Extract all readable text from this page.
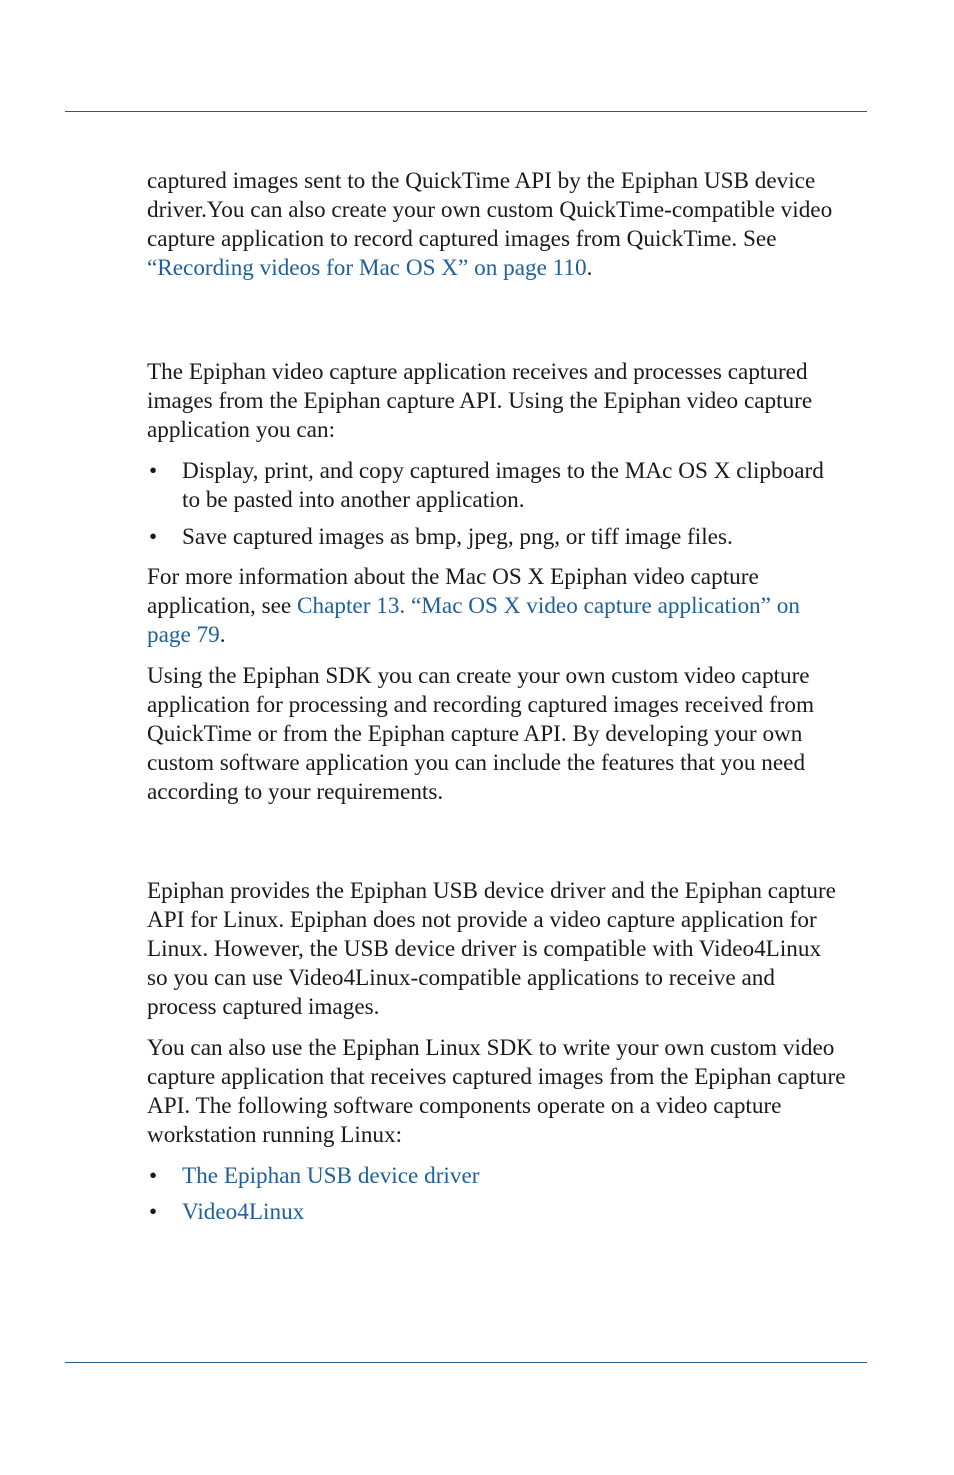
captured images sent to the QuickTime API by the Epiphan USB device driver.You can also create your own custom QuickTime-compatible video capture application to record captured images from QuickTime. See “Recording videos for Mac OS X” on page 110.

The Epiphan video capture application receives and processes captured images from the Epiphan capture API. Using the Epiphan video capture application you can:

• Display, print, and copy captured images to the MAc OS X clipboard to be pasted into another application.
• Save captured images as bmp, jpeg, png, or tiff image files.

For more information about the Mac OS X Epiphan video capture application, see Chapter 13. “Mac OS X video capture application” on page 79.

Using the Epiphan SDK you can create your own custom video capture application for processing and recording captured images received from QuickTime or from the Epiphan capture API. By developing your own custom software application you can include the features that you need according to your requirements.

Epiphan provides the Epiphan USB device driver and the Epiphan capture API for Linux. Epiphan does not provide a video capture application for Linux. However, the USB device driver is compatible with Video4Linux so you can use Video4Linux-compatible applications to receive and process captured images.

You can also use the Epiphan Linux SDK to write your own custom video capture application that receives captured images from the Epiphan capture API. The following software components operate on a video capture workstation running Linux:

• The Epiphan USB device driver
• Video4Linux
